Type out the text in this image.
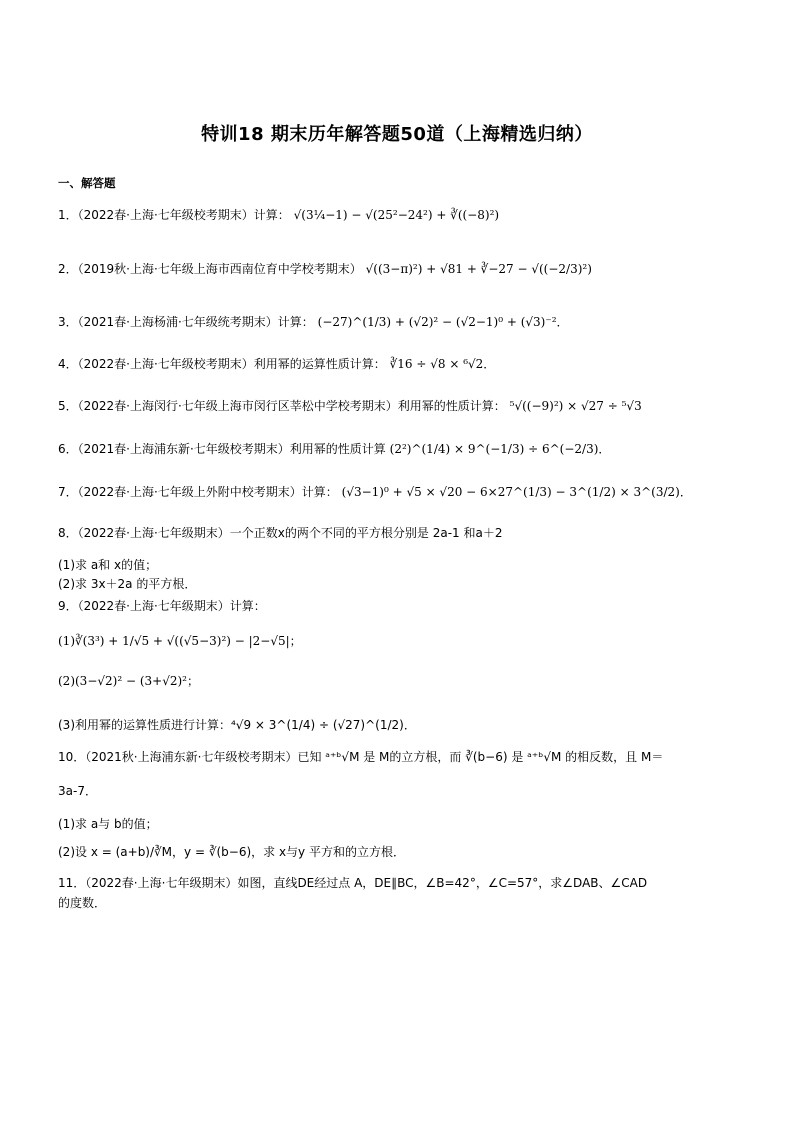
特训18 期末历年解答题50道（上海精选归纳）
一、解答题
1．（2022春·上海·七年级校考期末）计算： √(3¼−1) − √(25²−24²) + ∛((−8)²)
2．（2019秋·上海·七年级上海市西南位育中学校考期末） √((3−π)²) + √81 + ∛−27 − √((−2/3)²)
3．（2021春·上海杨浦·七年级统考期末）计算： (−27)^(1/3) + (√2)² − (√2−1)⁰ + (√3)⁻²．
4．（2022春·上海·七年级校考期末）利用幂的运算性质计算： ∛16 ÷ √8 × ⁶√2．
5．（2022春·上海闵行·七年级上海市闵行区莘松中学校考期末）利用幂的性质计算： ⁵√((−9)²) × √27 ÷ ⁵√3
6．（2021春·上海浦东新·七年级校考期末）利用幂的性质计算 (2²)^(1/4) × 9^(−1/3) ÷ 6^(−2/3)．
7．（2022春·上海·七年级上外附中校考期末）计算： (√3−1)⁰ + √5 × √20 − 6×27^(1/3) − 3^(1/2) × 3^(3/2)．
8．（2022春·上海·七年级期末）一个正数x的两个不同的平方根分别是 2a-1 和a＋2
(1)求 a和 x的值；
(2)求 3x＋2a 的平方根．
9．（2022春·上海·七年级期末）计算：
(1)∛(3³) + 1/√5 + √((√5−3)²) − |2−√5|；
(2)(3−√2)² − (3+√2)²；
(3)利用幂的运算性质进行计算：⁴√9 × 3^(1/4) ÷ (√27)^(1/2)．
10．（2021秋·上海浦东新·七年级校考期末）已知 ᵃ⁺ᵇ√M 是 M的立方根，而 ∛(b−6) 是 ᵃ⁺ᵇ√M 的相反数，且 M＝
3a-7．
(1)求 a与 b的值；
(2)设 x = (a+b)/∛M，y = ∛(b−6)，求 x与y 平方和的立方根．
11．（2022春·上海·七年级期末）如图，直线DE经过点 A，DE∥BC，∠B=42°，∠C=57°，求∠DAB、∠CAD
的度数．
